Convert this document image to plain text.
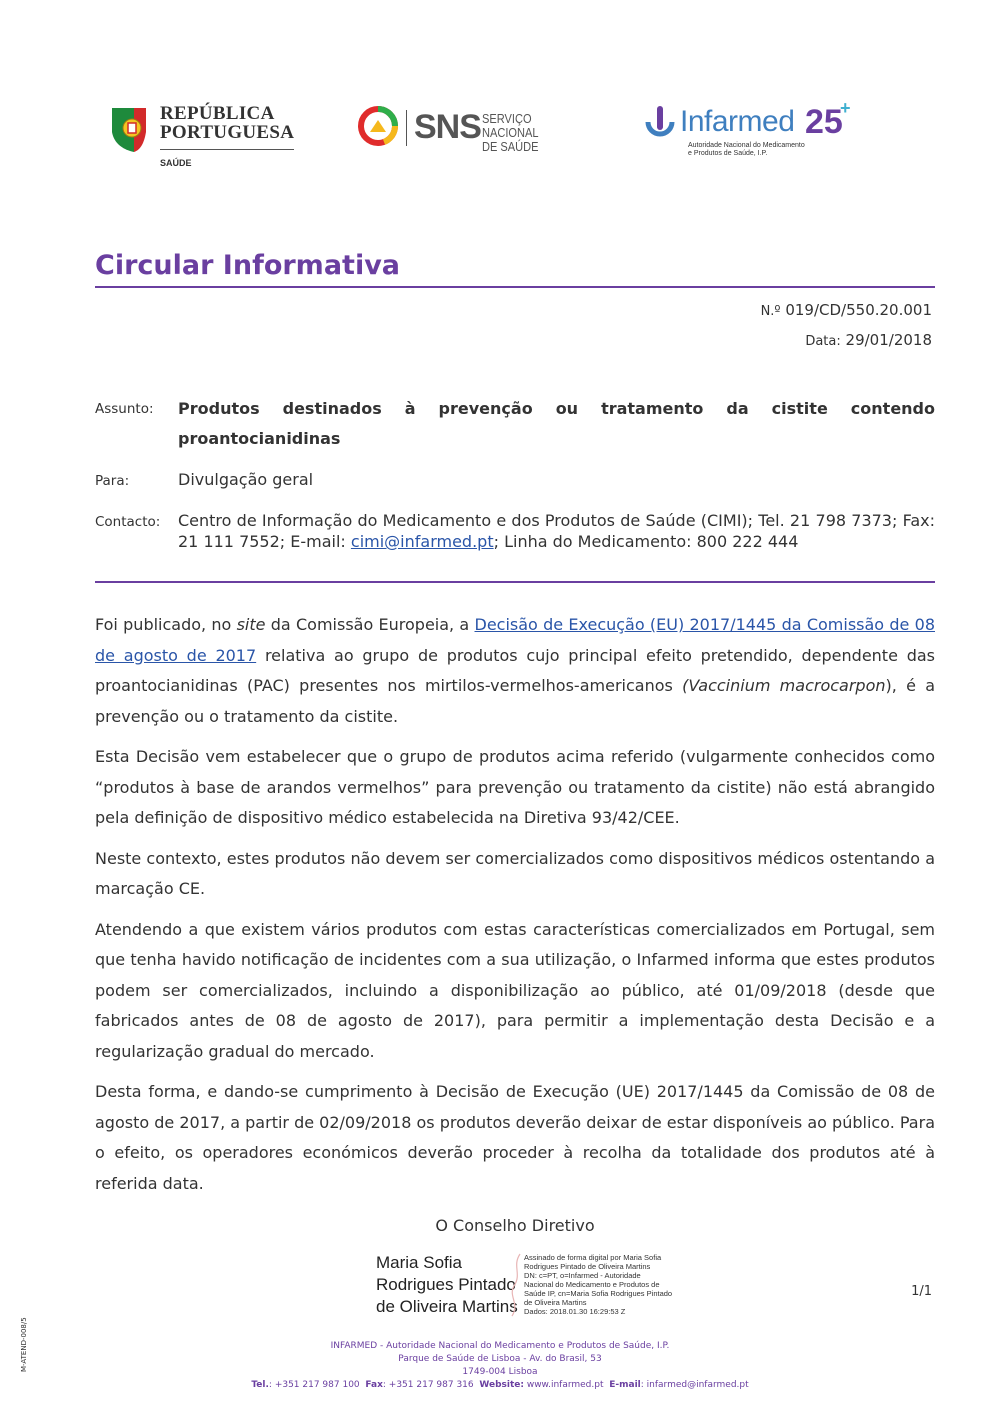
REPÚBLICA
PORTUGUESA
SAÚDE
SNS SERVIÇO NACIONAL
DE SAÚDE
Infarmed 25
+
Autoridade Nacional do Medicamento
e Produtos de Saúde, I.P.
Circular Informativa
N.º 019/CD/550.20.001
Data: 29/01/2018
Assunto: Produtos destinados à prevenção ou tratamento da cistite contendo
proantocianidinas
Para:	Divulgação geral
Contacto: Centro de Informação do Medicamento e dos Produtos de Saúde (CIMI); Tel. 21 798 7373; Fax: 21 111 7552; E-mail: cimi@infarmed.pt; Linha do Medicamento: 800 222 444

Foi publicado, no site da Comissão Europeia, a Decisão de Execução (EU) 2017/1445 da Comissão de 08 de agosto de 2017 relativa ao grupo de produtos cujo principal efeito pretendido, dependente das proantocianidinas (PAC) presentes nos mirtilos-vermelhos-americanos (Vaccinium macrocarpon), é a prevenção ou o tratamento da cistite.

Esta Decisão vem estabelecer que o grupo de produtos acima referido (vulgarmente conhecidos como “produtos à base de arandos vermelhos” para prevenção ou tratamento da cistite) não está abrangido pela definição de dispositivo médico estabelecida na Diretiva 93/42/CEE.

Neste contexto, estes produtos não devem ser comercializados como dispositivos médicos ostentando a marcação CE.

Atendendo a que existem vários produtos com estas características comercializados em Portugal, sem que tenha havido notificação de incidentes com a sua utilização, o Infarmed informa que estes produtos podem ser comercializados, incluindo a disponibilização ao público, até 01/09/2018 (desde que fabricados antes de 08 de agosto de 2017), para permitir a implementação desta Decisão e a regularização gradual do mercado.

Desta forma, e dando-se cumprimento à Decisão de Execução (UE) 2017/1445 da Comissão de 08 de agosto de 2017, a partir de 02/09/2018 os produtos deverão deixar de estar disponíveis ao público. Para o efeito, os operadores económicos deverão proceder à recolha da totalidade dos produtos até à referida data.

O Conselho Diretivo
Maria Sofia
Rodrigues Pintado
de Oliveira Martins
Assinado de forma digital por Maria Sofia
Rodrigues Pintado de Oliveira Martins
DN: c=PT, o=Infarmed - Autoridade
Nacional do Medicamento e Produtos de
Saúde IP, cn=Maria Sofia Rodrigues Pintado
de Oliveira Martins
Dados: 2018.01.30 16:29:53 Z
1/1
M-ATEND-008/5	INFARMED - Autoridade Nacional do Medicamento e Produtos de Saúde, I.P.
Parque de Saúde de Lisboa - Av. do Brasil, 53
1749-004 Lisboa
Tel.: +351 217 987 100 Fax: +351 217 987 316 Website: www.infarmed.pt E-mail: infarmed@infarmed.pt
